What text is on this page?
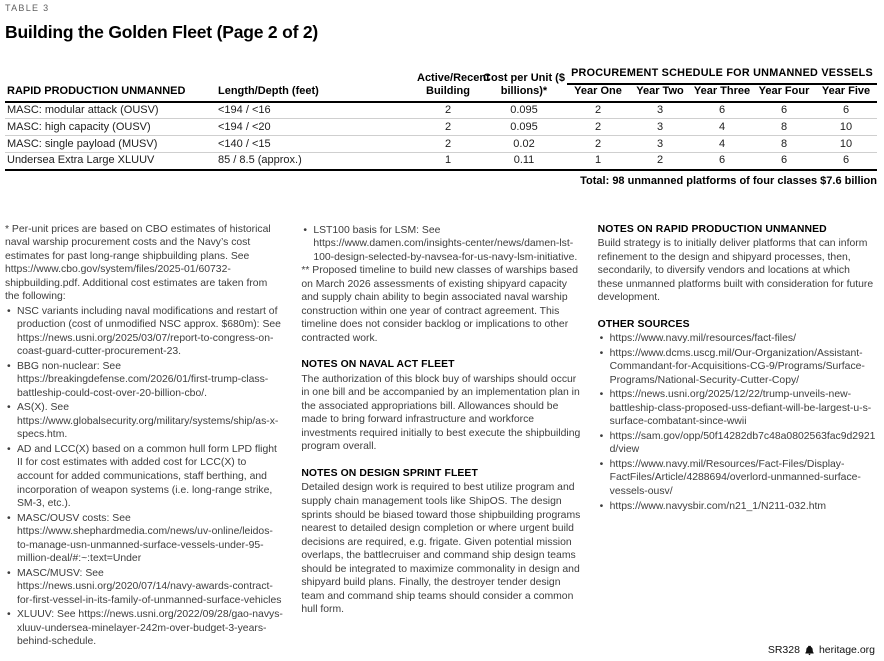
TABLE 3
Building the Golden Fleet (Page 2 of 2)
RAPID PRODUCTION UNMANNED	Length/Depth (feet)	Active/Recent Building	Cost per Unit ($ billions)*	PROCUREMENT SCHEDULE FOR UNMANNED VESSELS				
				Year One	Year Two	Year Three	Year Four	Year Five
MASC: modular attack (OUSV)	<194 / <16	2	0.095	2	3	6	6	6
MASC: high capacity (OUSV)	<194 / <20	2	0.095	2	3	4	8	10
MASC: single payload (MUSV)	<140 / <15	2	0.02	2	3	4	8	10
Undersea Extra Large XLUUV	85 / 8.5 (approx.)	1	0.11	1	2	6	6	6
Total: 98 unmanned platforms of four classes $7.6 billion

* Per-unit prices are based on CBO estimates of historical naval warship procurement costs and the Navy’s cost estimates for past long-range shipbuilding plans. See https://www.cbo.gov/system/files/2025-01/60732-shipbuilding.pdf. Additional cost estimates are taken from the following:

• NSC variants including naval modifications and restart of production (cost of unmodified NSC approx. $680m): See https://news.usni.org/2025/03/07/report-to-congress-on-coast-guard-cutter-procurement-23.
• BBG non-nuclear: See https://breakingdefense.com/2026/01/first-trump-class-battleship-could-cost-over-20-billion-cbo/.
• AS(X). See https://www.globalsecurity.org/military/systems/ship/as-x-specs.htm.
• AD and LCC(X) based on a common hull form LPD flight II for cost estimates with added cost for LCC(X) to account for added communications, staff berthing, and incorporation of weapon systems (i.e. long-range strike, SM-3, etc.).
• MASC/OUSV costs: See https://www.shephardmedia.com/news/uv-online/leidos-to-manage-usn-unmanned-surface-vessels-under-95-million-deal/#:~:text=Under
• MASC/MUSV: See https://news.usni.org/2020/07/14/navy-awards-contract-for-first-vessel-in-its-family-of-unmanned-surface-vehicles
• XLUUV: See https://news.usni.org/2022/09/28/gao-navys-xluuv-undersea-minelayer-242m-over-budget-3-years-behind-schedule.
• LST100 basis for LSM: See https://www.damen.com/insights-center/news/damen-lst-100-design-selected-by-navsea-for-us-navy-lsm-initiative.

** Proposed timeline to build new classes of warships based on March 2026 assessments of existing shipyard capacity and supply chain ability to begin associated naval warship construction within one year of contract agreement. This timeline does not consider backlog or implications to other contracted work.

NOTES ON NAVAL ACT FLEET

The authorization of this block buy of warships should occur in one bill and be accompanied by an implementation plan in the associated appropriations bill. Allowances should be made to bring forward infrastructure and workforce investments required initially to best execute the shipbuilding program overall.

NOTES ON DESIGN SPRINT FLEET

Detailed design work is required to best utilize program and supply chain management tools like ShipOS. The design sprints should be biased toward those shipbuilding programs nearest to detailed design completion or where urgent build decisions are required, e.g. frigate. Given potential mission overlaps, the battlecruiser and command ship design teams should be integrated to maximize commonality in design and shipyard build plans. Finally, the destroyer tender design team and command ship teams should consider a common hull form.

NOTES ON RAPID PRODUCTION UNMANNED

Build strategy is to initially deliver platforms that can inform refinement to the design and shipyard processes, then, secondarily, to diversify vendors and locations at which these unmanned platforms built with consideration for future development.

OTHER SOURCES
• https://www.navy.mil/resources/fact-files/
• https://www.dcms.uscg.mil/Our-Organization/Assistant-Commandant-for-Acquisitions-CG-9/Programs/Surface-Programs/National-Security-Cutter-Copy/
• https://news.usni.org/2025/12/22/trump-unveils-new-battleship-class-proposed-uss-defiant-will-be-largest-u-s-surface-combatant-since-wwii
• https://sam.gov/opp/50f14282db7c48a0802563fac9d2921d/view
• https://www.navy.mil/Resources/Fact-Files/Display-FactFiles/Article/4288694/overlord-unmanned-surface-vessels-ousv/
• https://www.navysbir.com/n21_1/N211-032.htm
SR328 heritage.org
